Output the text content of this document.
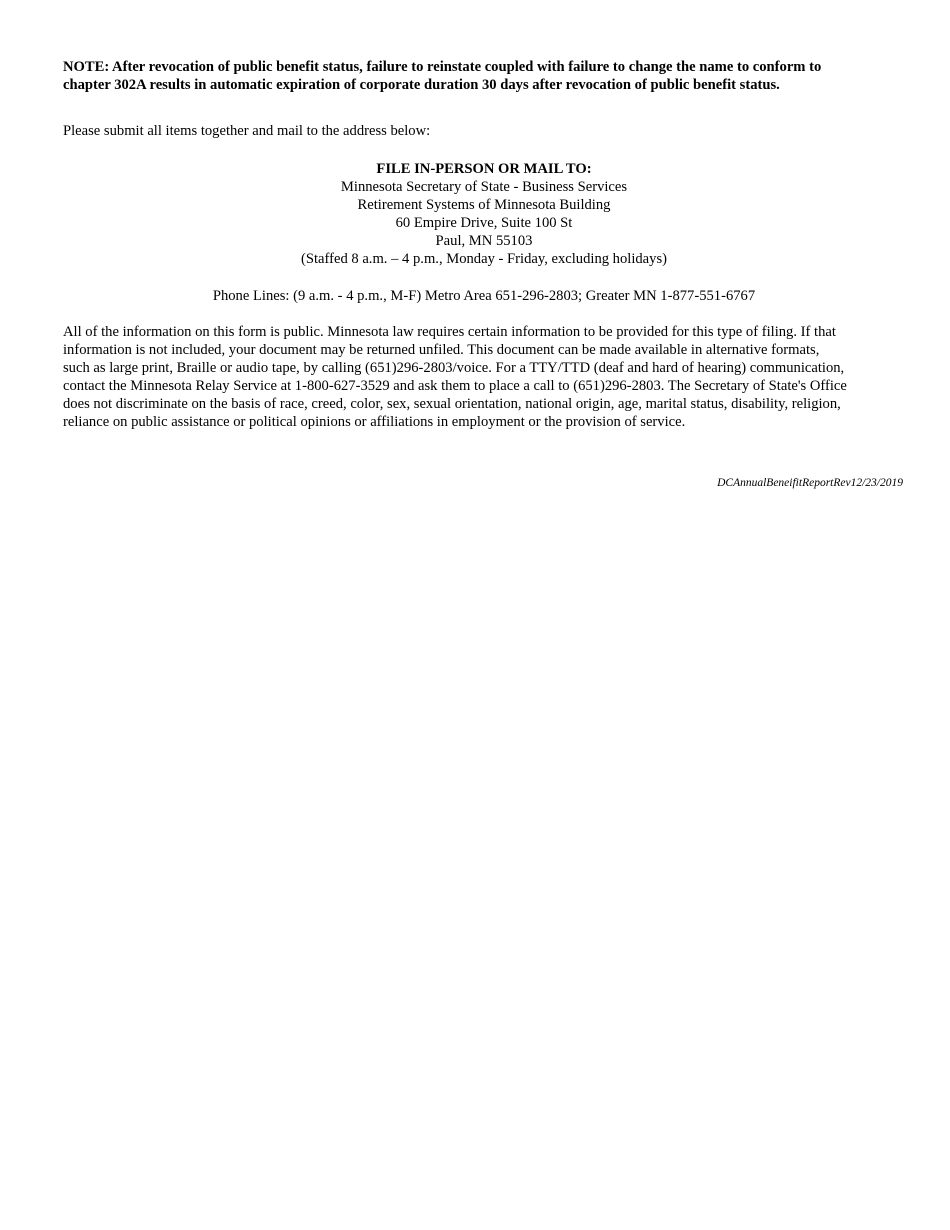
NOTE: After revocation of public benefit status, failure to reinstate coupled with failure to change the name to conform to
chapter 302A results in automatic expiration of corporate duration 30 days after revocation of public benefit status.

Please submit all items together and mail to the address below:

FILE IN-PERSON OR MAIL TO:
Minnesota Secretary of State - Business Services
Retirement Systems of Minnesota Building
60 Empire Drive, Suite 100 St
Paul, MN 55103
(Staffed 8 a.m. – 4 p.m., Monday - Friday, excluding holidays)

Phone Lines: (9 a.m. - 4 p.m., M-F) Metro Area 651-296-2803; Greater MN 1-877-551-6767

All of the information on this form is public. Minnesota law requires certain information to be provided for this type of filing. If that
information is not included, your document may be returned unfiled. This document can be made available in alternative formats,
such as large print, Braille or audio tape, by calling (651)296-2803/voice. For a TTY/TTD (deaf and hard of hearing) communication,
contact the Minnesota Relay Service at 1-800-627-3529 and ask them to place a call to (651)296-2803. The Secretary of State's Office
does not discriminate on the basis of race, creed, color, sex, sexual orientation, national origin, age, marital status, disability, religion,
reliance on public assistance or political opinions or affiliations in employment or the provision of service.

DCAnnualBeneifitReportRev12/23/2019
